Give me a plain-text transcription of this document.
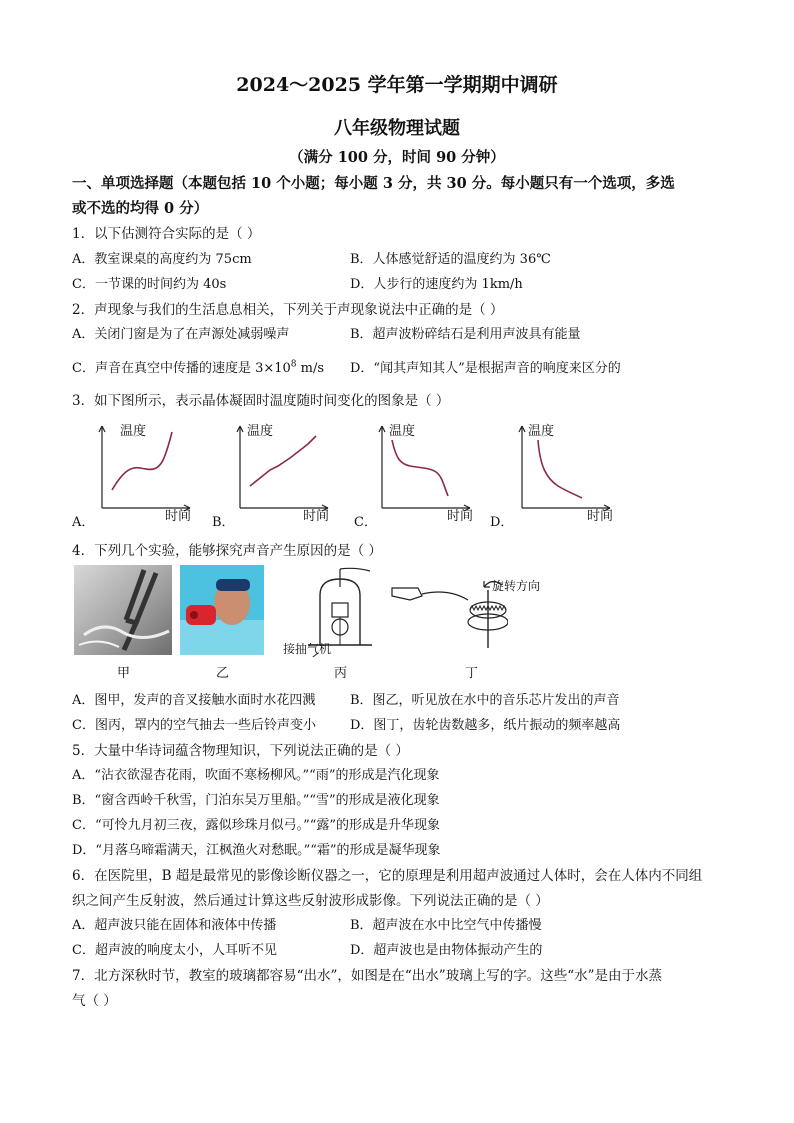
2024～2025 学年第一学期期中调研
八年级物理试题
（满分 100 分，时间 90 分钟）
一、单项选择题（本题包括 10 个小题；每小题 3 分，共 30 分。每小题只有一个选项，多选
或不选的均得 0 分）
1．以下估测符合实际的是（ ）
A．教室课桌的高度约为 75cm	B．人体感觉舒适的温度约为 36℃
C．一节课的时间约为 40s	D．人步行的速度约为 1km/h
2．声现象与我们的生活息息相关，下列关于声现象说法中正确的是（ ）
A．关闭门窗是为了在声源处减弱噪声	B．超声波粉碎结石是利用声波具有能量
C．声音在真空中传播的速度是 $3\times 10^8$ m/s D．“闻其声知其人”是根据声音的响度来区分的
3．如下图所示，表示晶体凝固时温度随时间变化的图象是（ ）
温度
时间
A．
温度
时间
B．
温度
时间
C．
温度
时间
D．
4．下列几个实验，能够探究声音产生原因的是（ ）
接抽气机
旋转方向
甲	乙	丙	丁
A．图甲，发声的音叉接触水面时水花四溅	B．图乙，听见放在水中的音乐芯片发出的声音
C．图丙，罩内的空气抽去一些后铃声变小	D．图丁，齿轮齿数越多，纸片振动的频率越高
5．大量中华诗词蕴含物理知识，下列说法正确的是（ ）
A．“沾衣欲湿杏花雨，吹面不寒杨柳风。”“雨”的形成是汽化现象
B．“窗含西岭千秋雪，门泊东吴万里船。”“雪”的形成是液化现象
C．“可怜九月初三夜，露似珍珠月似弓。”“露”的形成是升华现象
D．“月落乌啼霜满天，江枫渔火对愁眠。”“霜”的形成是凝华现象
6．在医院里，B 超是最常见的影像诊断仪器之一，它的原理是利用超声波通过人体时，会在人体内不同组
织之间产生反射波，然后通过计算这些反射波形成影像。下列说法正确的是（ ）
A．超声波只能在固体和液体中传播	B．超声波在水中比空气中传播慢
C．超声波的响度太小，人耳听不见	D．超声波也是由物体振动产生的
7．北方深秋时节，教室的玻璃都容易“出水”，如图是在“出水”玻璃上写的字。这些“水”是由于水蒸
气（ ）
